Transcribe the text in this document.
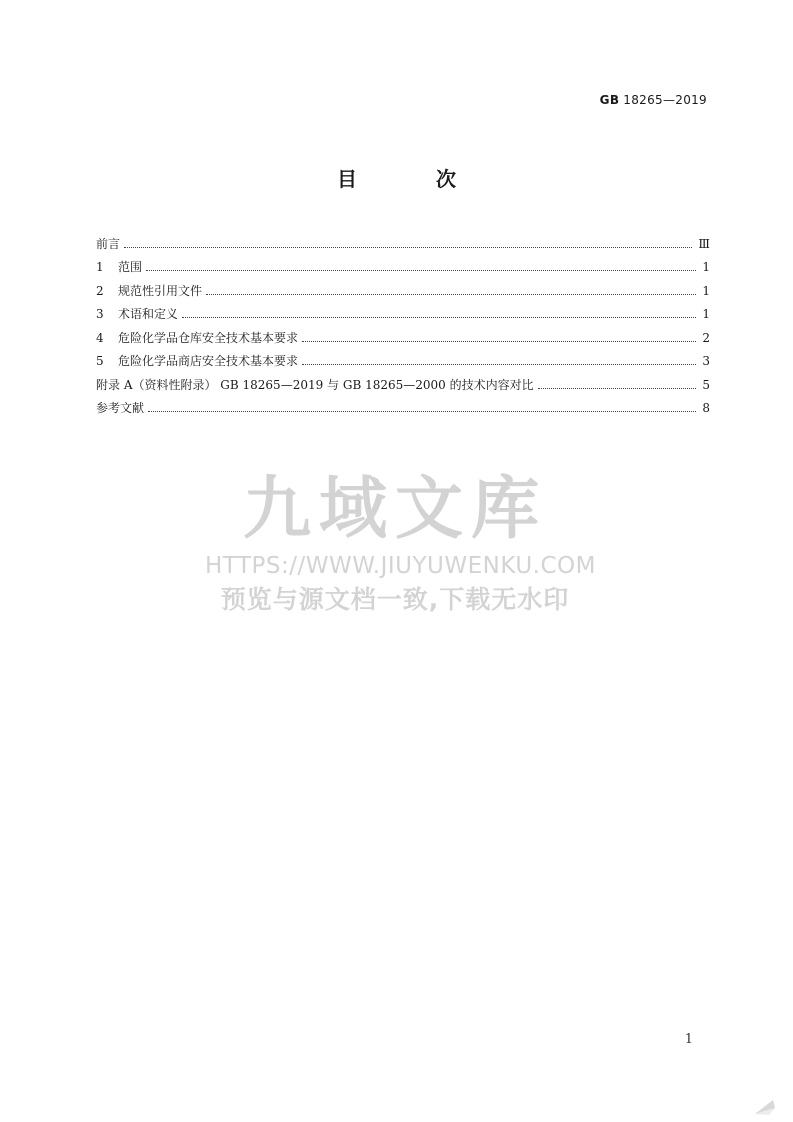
GB 18265—2019
目 次
前言	Ⅲ
1	范围	1
2	规范性引用文件	1
3	术语和定义	1
4	危险化学品仓库安全技术基本要求	2
5	危险化学品商店安全技术基本要求	3
附录 A（资料性附录） GB 18265—2019 与 GB 18265—2000 的技术内容对比	5
参考文献	8
九域文库
HTTPS://WWW.JIUYUWENKU.COM
预览与源文档一致,下载无水印
1
